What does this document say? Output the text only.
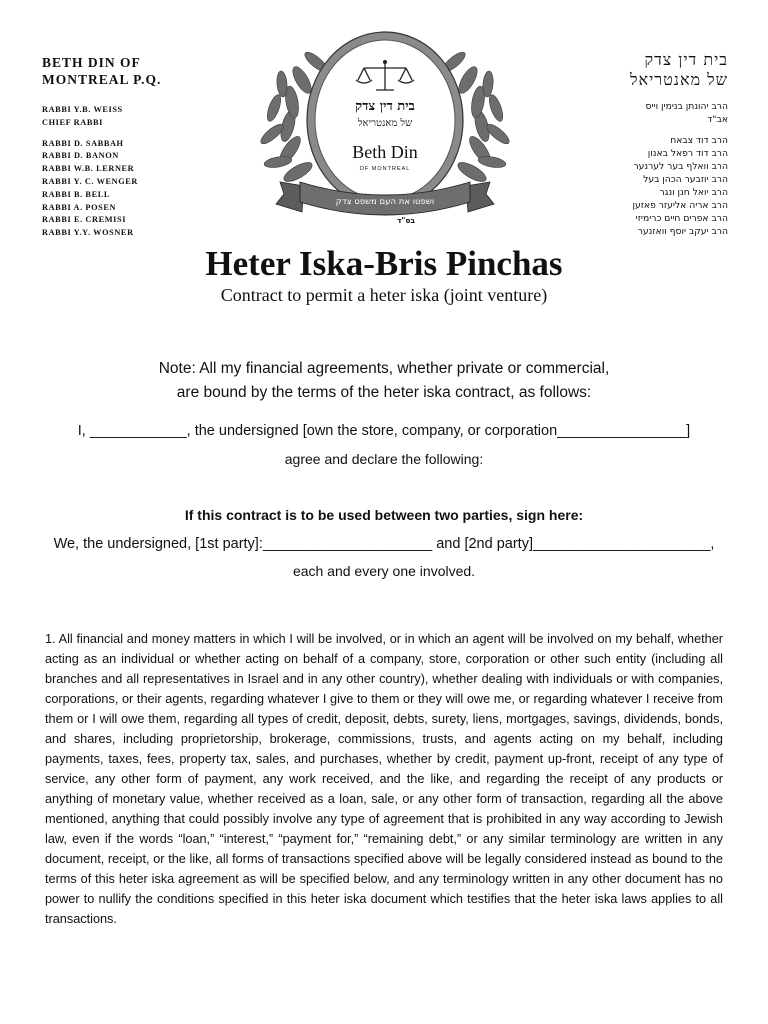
BETH DIN OF
MONTREAL P.Q.
RABBI Y.B. WEISS
CHIEF RABBI
RABBI D. SABBAH
RABBI D. BANON
RABBI W.B. LERNER
RABBI Y. C. WENGER
RABBI B. BELL
RABBI A. POSEN
RABBI E. CREMISI
RABBI Y.Y. WOSNER
בית דין צדק
של מאנטריאל
Beth Din
OF MONTREAL
ושפטו את העם משפט צדק
בס"ד
בית דין צדק
של מאנטריאל
הרב יהונתן בנימין וייס
אב"ד
הרב דוד צבאח
הרב דוד רפאל באנון
הרב וואלף בער לערנער
הרב יוזבער הכהן בעל
הרב יואל חנן ונגר
הרב אריה אליעזר פאזען
הרב אפרים חיים כרימיזי
הרב יעקב יוסף וואזנער
Heter Iska-Bris Pinchas
Contract to permit a heter iska (joint venture)
Note: All my financial agreements, whether private or commercial,
are bound by the terms of the heter iska contract, as follows:
I, ____________, the undersigned [own the store, company, or corporation________________]
agree and declare the following:
If this contract is to be used between two parties, sign here:
We, the undersigned, [1st party]:_____________________ and [2nd party]______________________,
each and every one involved.
1. All financial and money matters in which I will be involved, or in which an agent will be involved on my behalf, whether acting as an individual or whether acting on behalf of a company, store, corporation or other such entity (including all branches and all representatives in Israel and in any other country), whether dealing with individuals or with companies, corporations, or their agents, regarding whatever I give to them or they will owe me, or regarding whatever I receive from them or I will owe them, regarding all types of credit, deposit, debts, surety, liens, mortgages, savings, dividends, bonds, and shares, including proprietorship, brokerage, commissions, trusts, and agents acting on my behalf, including payments, taxes, fees, property tax, sales, and purchases, whether by credit, payment up-front, receipt of any type of service, any other form of payment, any work received, and the like, and regarding the receipt of any products or anything of monetary value, whether received as a loan, sale, or any other form of transaction, regarding all the above mentioned, anything that could possibly involve any type of agreement that is prohibited in any way according to Jewish law, even if the words “loan,” “interest,” “payment for,” “remaining debt,” or any similar terminology are written in any document, receipt, or the like, all forms of transactions specified above will be legally considered instead as bound to the terms of this heter iska agreement as will be specified below, and any terminology written in any other document has no power to nullify the conditions specified in this heter iska document which testifies that the heter iska laws applies to all transactions.
